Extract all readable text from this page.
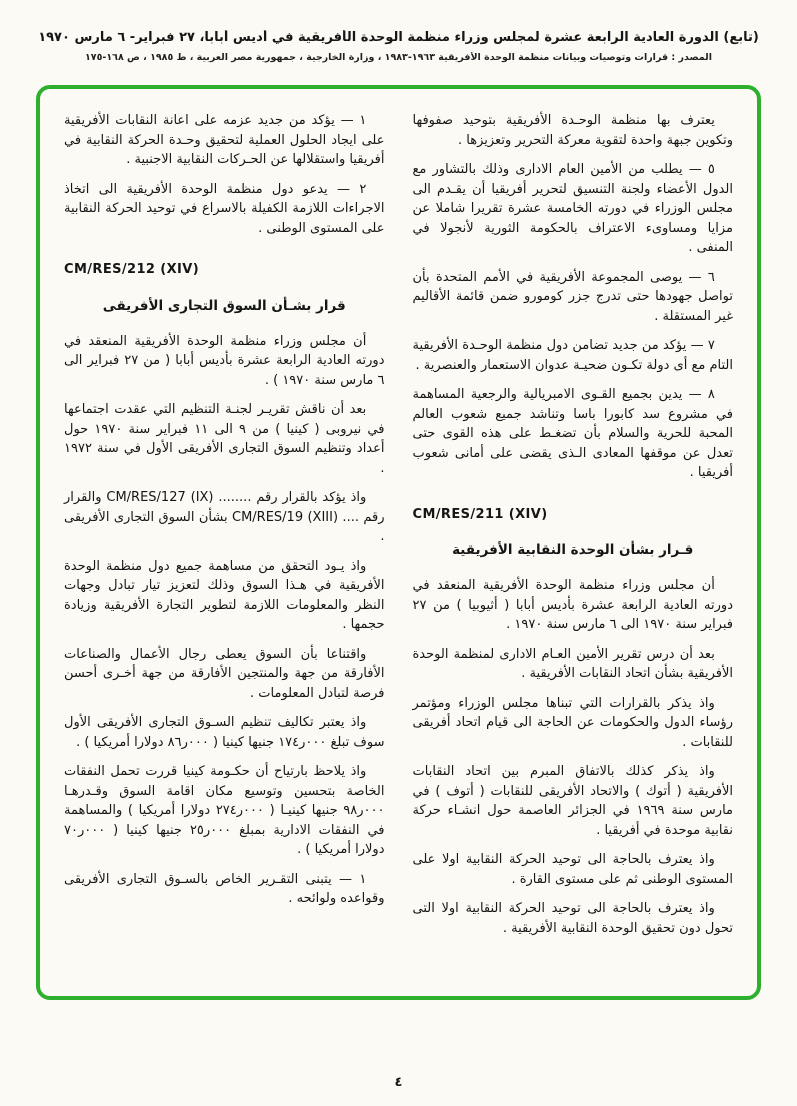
(تابع) الدورة العادية الرابعة عشرة لمجلس وزراء منظمة الوحدة الأفريقية في أديس أبابا، ٢٧ فبراير- ٦ مارس ١٩٧٠
المصدر : قرارات وتوصيات وبيانات منظمة الوحدة الأفريقية ١٩٦٣-١٩٨٣ ، وزارة الخارجية ، جمهورية مصر العربية ، ط ١٩٨٥ ، ص ١٦٨-١٧٥
يعترف بها منظمة الوحـدة الأفريقية بتوحيد صفوفها وتكوين جبهة واحدة لتقوية معركة التحرير وتعزيزها .
٥ — يطلب من الأمين العام الادارى وذلك بالتشاور مع الدول الأعضاء ولجنة التنسيق لتحرير أفريقيا أن يقـدم الى مجلس الوزراء في دورته الخامسة عشرة تقريرا شاملا عن مزايا ومساوىء الاعتراف بالحكومة الثورية لأنجولا في المنفى .
٦ — يوصى المجموعة الأفريقية في الأمم المتحدة بأن تواصل جهودها حتى تدرج جزر كومورو ضمن قائمة الأقاليم غير المستقلة .
٧ — يؤكد من جديد تضامن دول منظمة الوحـدة الأفريقية التام مع أى دولة تكـون ضحيـة عدوان الاستعمار والعنصرية .
٨ — يدين بجميع القـوى الامبريالية والرجعية المساهمة في مشروع سد كابورا باسا وتناشد جميع شعوب العالم المحبة للحرية والسلام بأن تضغـط على هذه القوى حتى تعدل عن موقفها المعادى الـذى يقضى على أمانى شعوب أفريقيا .
CM/RES/211 (XIV)
قـرار بشأن الوحدة النقابية الأفريقية
أن مجلس وزراء منظمة الوحدة الأفريقية المنعقد في دورته العادية الرابعة عشرة بأديس أبابا ( أثيوبيا ) من ٢٧ فبراير سنة ١٩٧٠ الى ٦ مارس سنة ١٩٧٠ .
بعد أن درس تقرير الأمين العـام الادارى لمنظمة الوحدة الأفريقية بشأن اتحاد النقابات الأفريقية .
واذ يذكر بالقرارات التي تبناها مجلس الوزراء ومؤتمر رؤساء الدول والحكومات عن الحاجة الى قيام اتحاد أفريقى للنقابات .
واذ يذكر كذلك بالاتفاق المبرم بين اتحاد النقابات الأفريقية ( أتوك ) والاتحاد الأفريقى للنقابات ( أتوف ) في مارس سنة ١٩٦٩ في الجزائر العاصمة حول انشـاء حركة نقابية موحدة في أفريقيا .
واذ يعترف بالحاجة الى توحيد الحركة النقابية اولا على المستوى الوطنى ثم على مستوى القارة .
واذ يعترف بالحاجة الى توحيد الحركة النقابية اولا التى تحول دون تحقيق الوحدة النقابية الأفريقية .
١ — يؤكد من جديد عزمه على اعانة النقابات الأفريقية على ايجاد الحلول العملية لتحقيق وحـدة الحركة النقابية في أفريقيا واستقلالها عن الحـركات النقابية الاجنبية .
٢ — يدعو دول منظمة الوحدة الأفريقية الى اتخاذ الاجراءات اللازمة الكفيلة بالاسراع في توحيد الحركة النقابية على المستوى الوطنى .
CM/RES/212 (XIV)
قرار بشـأن السوق التجارى الأفريقى
أن مجلس وزراء منظمة الوحدة الأفريقية المنعقد في دورته العادية الرابعة عشرة بأديس أبابا ( من ٢٧ فبراير الى ٦ مارس سنة ١٩٧٠ ) .
بعد أن ناقش تقريـر لجنـة التنظيم التي عقدت اجتماعها في نيروبى ( كينيا ) من ٩ الى ١١ فبراير سنة ١٩٧٠ حول أعداد وتنظيم السوق التجارى الأفريقى الأول في سنة ١٩٧٢ .
واذ يؤكد بالقرار رقم ........ CM/RES/127 (IX) والقرار رقم .... CM/RES/19 (XIII) بشأن السوق التجارى الأفريقى .
واذ يـود التحقق من مساهمة جميع دول منظمة الوحدة الأفريقية في هـذا السوق وذلك لتعزيز تيار تبادل وجهات النظر والمعلومات اللازمة لتطوير التجارة الأفريقية وزيادة حجمها .
واقتناعا بأن السوق يعطى رجال الأعمال والصناعات الأفارقة من جهة والمنتجين الأفارقة من جهة أخـرى أحسن فرصة لتبادل المعلومات .
واذ يعتبر تكاليف تنظيم السـوق التجارى الأفريقى الأول سوف تبلغ ٠٠٠ر١٧٤ جنيها كينيا ( ٠٠٠ر٨٦ دولارا أمريكيا ) .
واذ يلاحظ بارتياح أن حكـومة كينيا قررت تحمل النفقات الخاصة بتحسين وتوسيع مكان اقامة السوق وقـدرهـا ٠٠٠ر٩٨ جنيها كينيـا ( ٠٠٠ر٢٧٤ دولارا أمريكيا ) والمساهمة في النفقات الادارية بمبلغ ٠٠٠ر٢٥ جنيها كينيا ( ٠٠٠ر٧٠ دولارا أمريكيا ) .
١ — يتبنى التقـرير الخاص بالسـوق التجارى الأفريقى وقواعده ولوائحه .
٤
